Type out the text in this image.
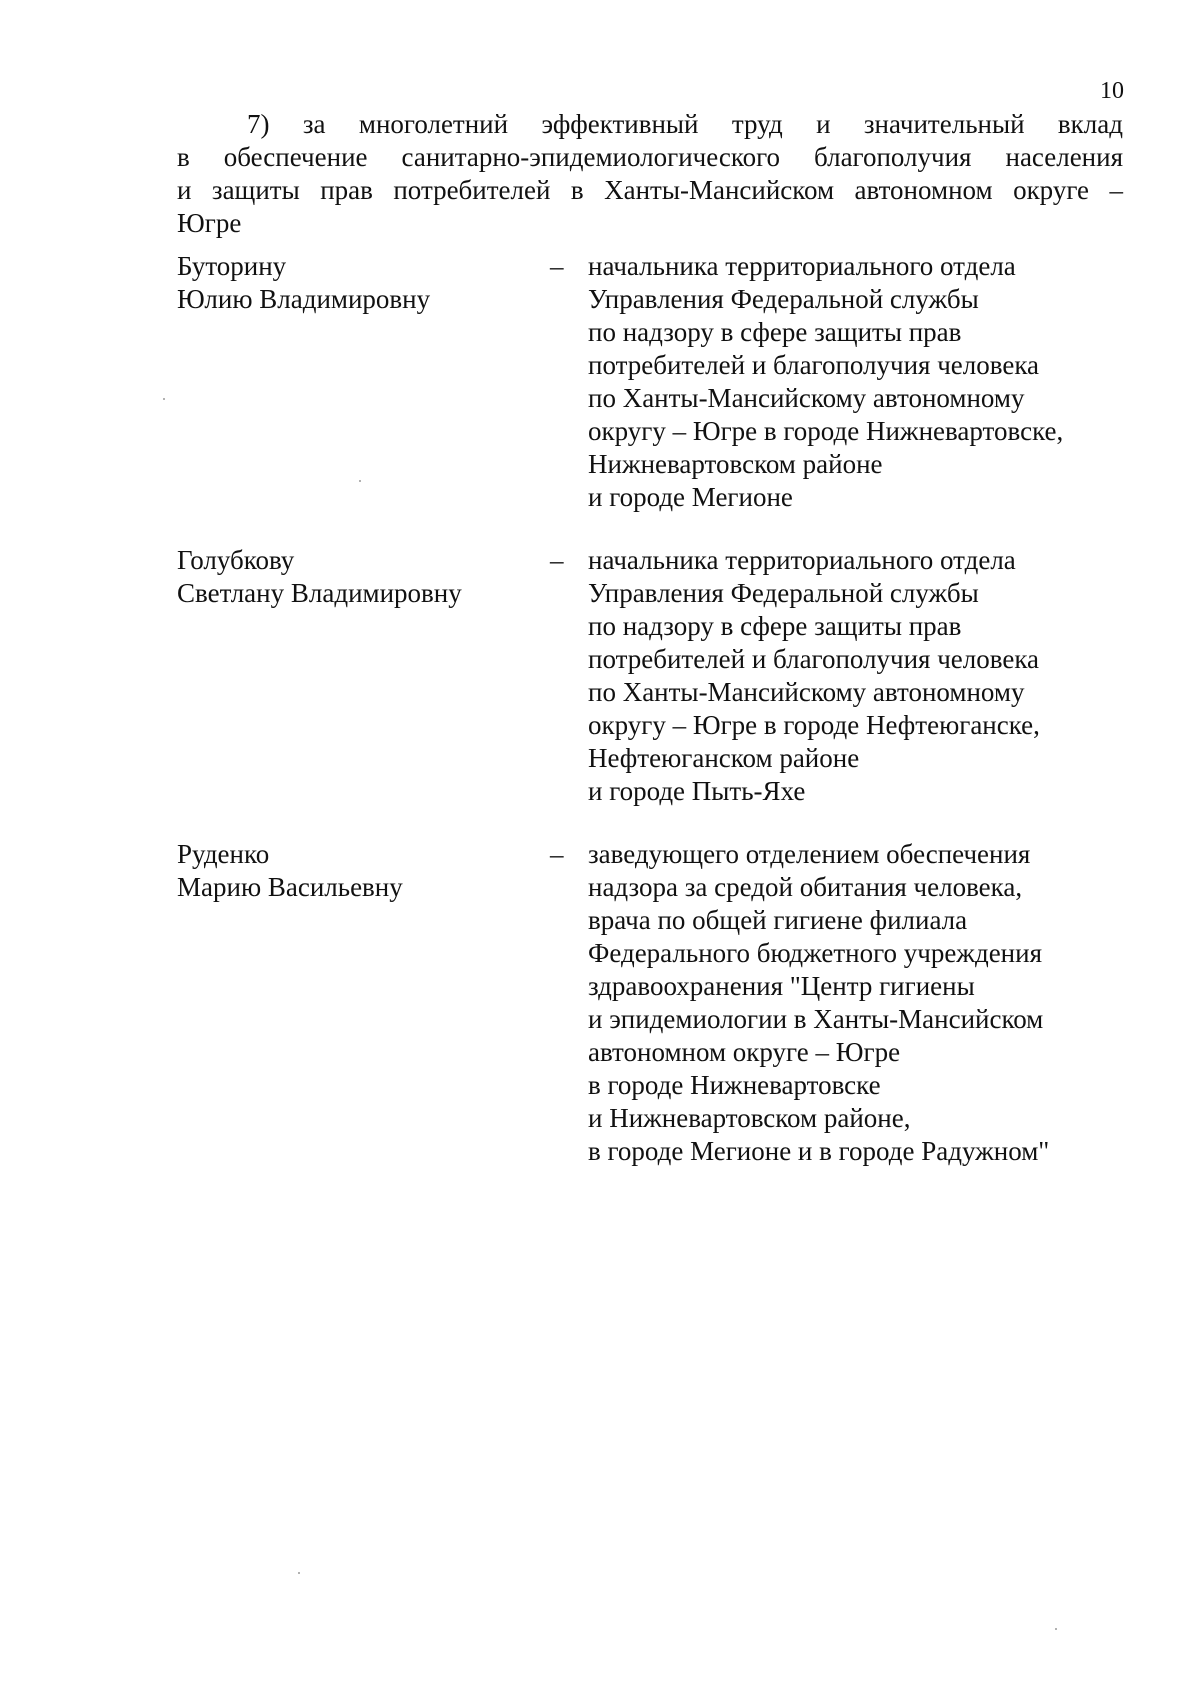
10
7) за многолетний эффективный труд и значительный вклад
в обеспечение санитарно-эпидемиологического благополучия населения
и защиты прав потребителей в Ханты-Мансийском автономном округе –
Югре
Буторину
Юлию Владимировну
– начальника территориального отдела
Управления Федеральной службы
по надзору в сфере защиты прав
потребителей и благополучия человека
по Ханты-Мансийскому автономному
округу – Югре в городе Нижневартовске,
Нижневартовском районе
и городе Мегионе
Голубкову
Светлану Владимировну
– начальника территориального отдела
Управления Федеральной службы
по надзору в сфере защиты прав
потребителей и благополучия человека
по Ханты-Мансийскому автономному
округу – Югре в городе Нефтеюганске,
Нефтеюганском районе
и городе Пыть-Яхе
Руденко
Марию Васильевну
– заведующего отделением обеспечения
надзора за средой обитания человека,
врача по общей гигиене филиала
Федерального бюджетного учреждения
здравоохранения "Центр гигиены
и эпидемиологии в Ханты-Мансийском
автономном округе – Югре
в городе Нижневартовске
и Нижневартовском районе,
в городе Мегионе и в городе Радужном"
